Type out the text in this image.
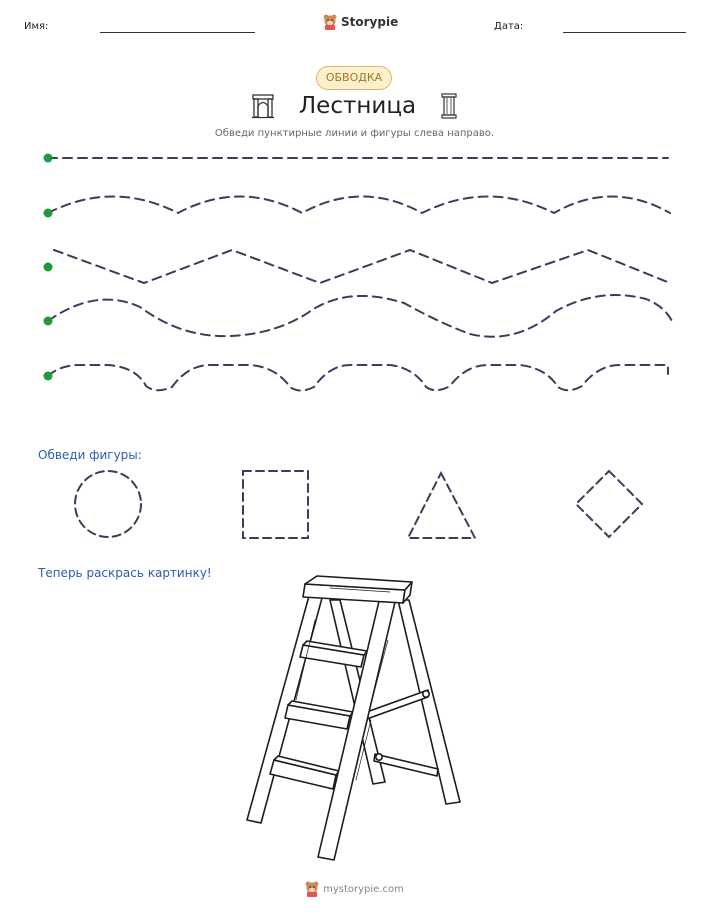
Имя:	Storypie	Дата:
ОБВОДКА
Лестница
Обведи пунктирные линии и фигуры слева направо.
Обведи фигуры:
Теперь раскрась картинку!
mystorypie.com
